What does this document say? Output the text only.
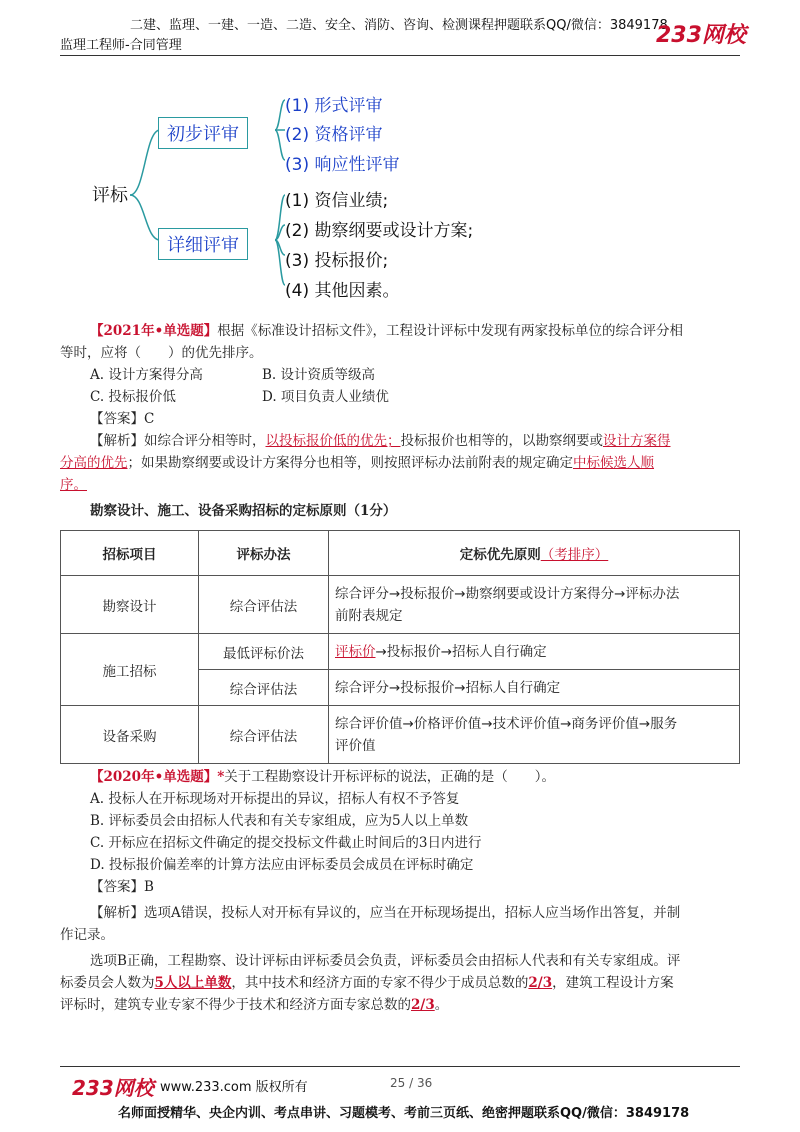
二建、监理、一建、一造、二造、安全、消防、咨询、检测课程押题联系QQ/微信：3849178
监理工程师-合同管理	233网校
评标
初步评审
详细评审
(1) 形式评审
(2) 资格评审
(3) 响应性评审
(1) 资信业绩;
(2) 勘察纲要或设计方案;
(3) 投标报价;
(4) 其他因素。
【2021年•单选题】根据《标准设计招标文件》，工程设计评标中发现有两家投标单位的综合评分相
等时，应将（　　）的优先排序。
A. 设计方案得分高	B. 设计资质等级高
C. 投标报价低	D. 项目负责人业绩优
【答案】C
【解析】如综合评分相等时，以投标报价低的优先；投标报价也相等的，以勘察纲要或设计方案得
分高的优先；如果勘察纲要或设计方案得分也相等，则按照评标办法前附表的规定确定中标候选人顺
序。
勘察设计、施工、设备采购招标的定标原则（1分）
招标项目	评标办法	定标优先原则（考排序）
勘察设计	综合评估法	综合评分→投标报价→勘察纲要或设计方案得分→评标办法
前附表规定

施工招标	最低评标价法	评标价→投标报价→招标人自行确定
	综合评估法	综合评分→投标报价→招标人自行确定
设备采购	综合评估法	综合评价值→价格评价值→技术评价值→商务评价值→服务
评价值
【2020年•单选题】*关于工程勘察设计开标评标的说法，正确的是（　　）。
A. 投标人在开标现场对开标提出的异议，招标人有权不予答复
B. 评标委员会由招标人代表和有关专家组成，应为5人以上单数
C. 开标应在招标文件确定的提交投标文件截止时间后的3日内进行
D. 投标报价偏差率的计算方法应由评标委员会成员在评标时确定
【答案】B
【解析】选项A错误，投标人对开标有异议的，应当在开标现场提出，招标人应当场作出答复，并制
作记录。
选项B正确，工程勘察、设计评标由评标委员会负责，评标委员会由招标人代表和有关专家组成。评
标委员会人数为5人以上单数，其中技术和经济方面的专家不得少于成员总数的2/3，建筑工程设计方案
评标时，建筑专业专家不得少于技术和经济方面专家总数的2/3。
233网校 www.233.com 版权所有	25 / 36
名师面授精华、央企内训、考点串讲、习题模考、考前三页纸、绝密押题联系QQ/微信：3849178
